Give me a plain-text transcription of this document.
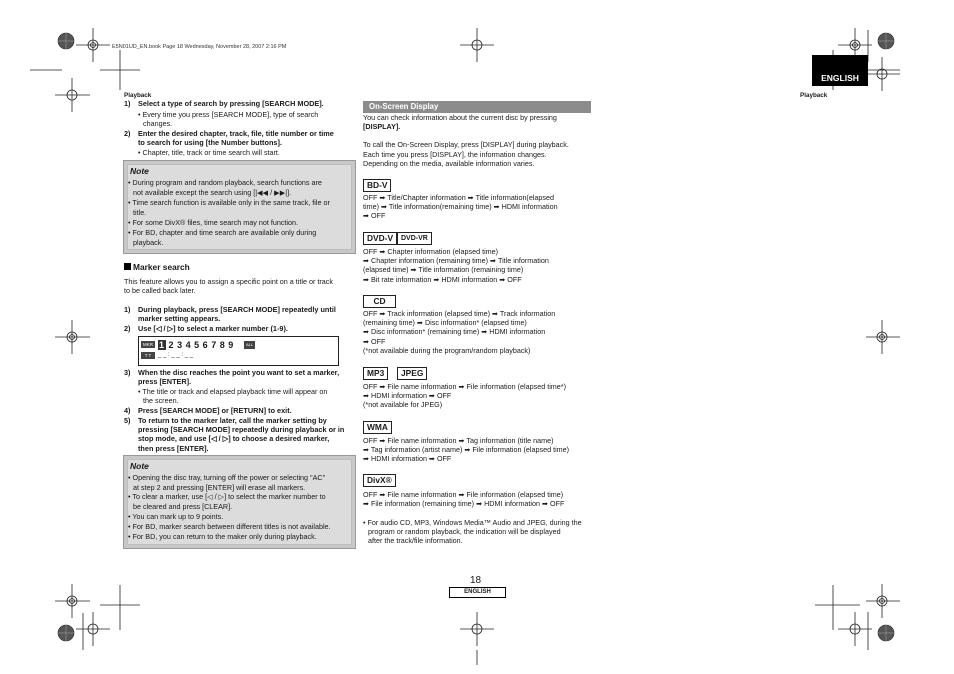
E5N01UD_EN.book Page 18 Wednesday, November 28, 2007 2:16 PM
Playback
ENGLISH
Playback
1) Select a type of search by pressing [SEARCH MODE].
• Every time you press [SEARCH MODE], type of search
changes.
2) Enter the desired chapter, track, file, title number or time
to search for using [the Number buttons].
• Chapter, title, track or time search will start.
Note
• During program and random playback, search functions are
not available except the search using [|◀◀ / ▶▶|].
• Time search function is available only in the same track, file or
title.
• For some DivX® files, time search may not function.
• For BD, chapter and time search are available only during
playback.
Marker search
This feature allows you to assign a specific point on a title or track
to be called back later.
1) During playback, press [SEARCH MODE] repeatedly until
marker setting appears.
2) Use [◁ / ▷] to select a marker number (1-9).
MKR
T T
1 2 3 4 5 6 7 8 9	ALL
_ _ : _ _ : _ _
3) When the disc reaches the point you want to set a marker,
press [ENTER].
• The title or track and elapsed playback time will appear on
the screen.
4) Press [SEARCH MODE] or [RETURN] to exit.
5) To return to the marker later, call the marker setting by
pressing [SEARCH MODE] repeatedly during playback or in
stop mode, and use [◁ / ▷] to choose a desired marker,
then press [ENTER].
Note
• Opening the disc tray, turning off the power or selecting "AC"
at step 2 and pressing [ENTER] will erase all markers.
• To clear a marker, use [◁ / ▷] to select the marker number to
be cleared and press [CLEAR].
• You can mark up to 9 points.
• For BD, marker search between different titles is not available.
• For BD, you can return to the maker only during playback.
On-Screen Display
You can check information about the current disc by pressing
[DISPLAY].
To call the On-Screen Display, press [DISPLAY] during playback.
Each time you press [DISPLAY], the information changes.
Depending on the media, available information varies.
BD-V
OFF ➡ Title/Chapter information ➡ Title information(elapsed
time) ➡ Title information(remaining time) ➡ HDMI information
➡ OFF
DVD-V	DVD-VR
OFF ➡ Chapter information (elapsed time)
➡ Chapter information (remaining time) ➡ Title information
(elapsed time) ➡ Title information (remaining time)
➡ Bit rate information ➡ HDMI information ➡ OFF
CD
OFF ➡ Track information (elapsed time) ➡ Track information
(remaining time) ➡ Disc information* (elapsed time)
➡ Disc information* (remaining time) ➡ HDMI information
➡ OFF
(*not available during the program/random playback)
MP3	JPEG
OFF ➡ File name information ➡ File information (elapsed time*)
➡ HDMI information ➡ OFF
(*not available for JPEG)
WMA
OFF ➡ File name information ➡ Tag information (title name)
➡ Tag information (artist name) ➡ File information (elapsed time)
➡ HDMI information ➡ OFF
DivX®
OFF ➡ File name information ➡ File information (elapsed time)
➡ File information (remaining time) ➡ HDMI information ➡ OFF
• For audio CD, MP3, Windows Media™ Audio and JPEG, during the
program or random playback, the indication will be displayed
after the track/file information.
18
ENGLISH
